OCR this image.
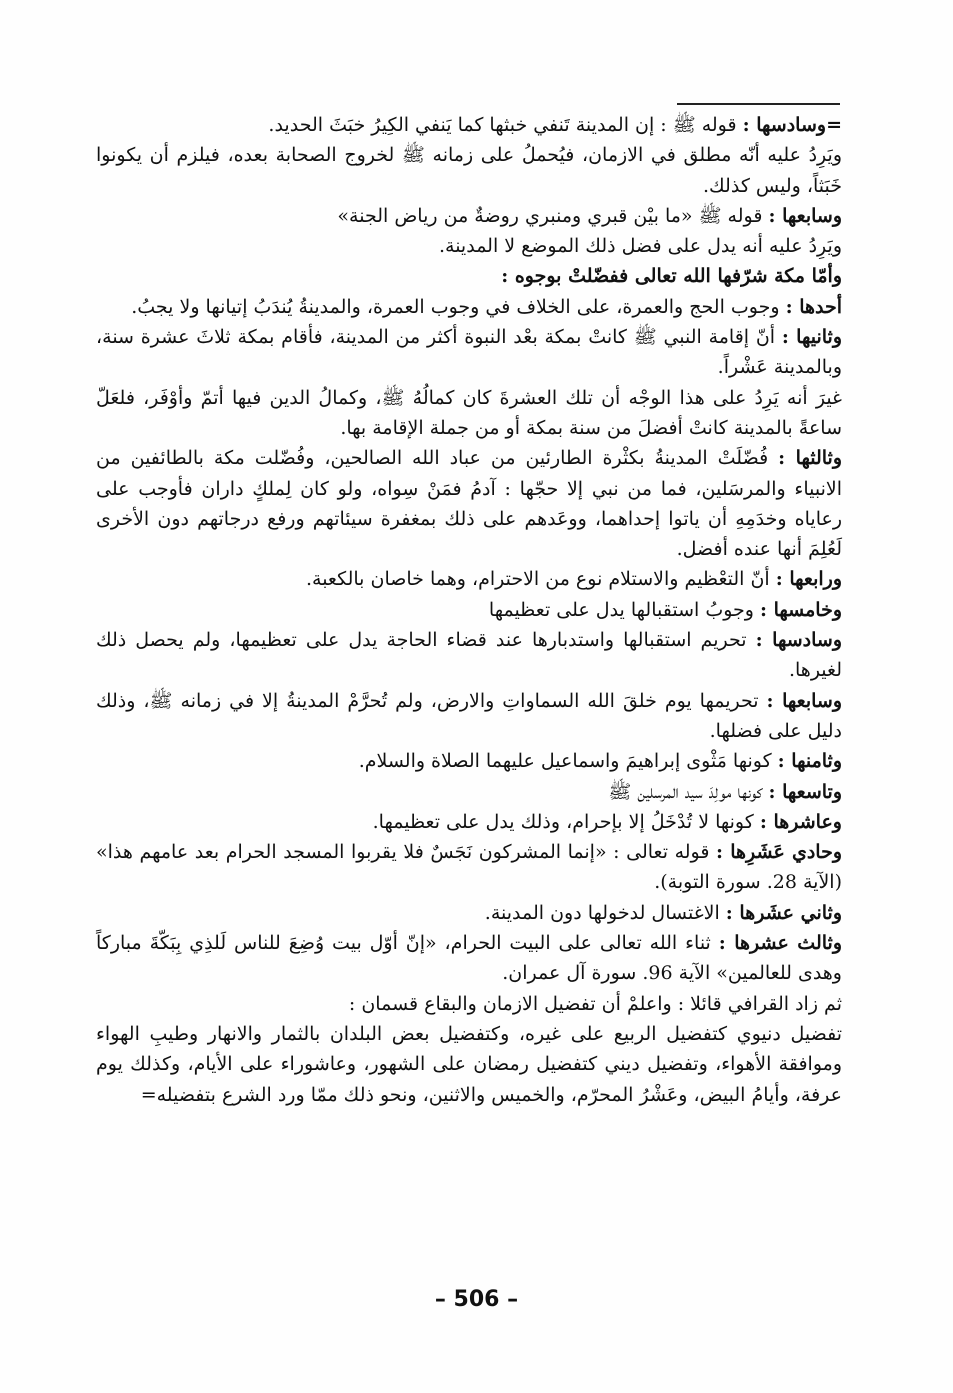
=وسادسها : قوله ﷺ : إن المدينة تَنفي خبثها كما يَنفي الكِيرُ خبَثَ الحديد.

ويَرِدُ عليه أنّه مطلق في الازمان، فيُحملُ على زمانه ﷺ لخروج الصحابة بعده، فيلزم أن يكونوا خَبَثاً، وليس كذلك.

وسابعها : قوله ﷺ «ما بيْن قبري ومنبري روضةٌ من رياض الجنة»

ويَرِدُ عليه أنه يدل على فضل ذلك الموضع لا المدينة.

وأمّا مكة شرّفها الله تعالى ففضّلتْ بوجوه :

أحدها : وجوب الحج والعمرة، على الخلاف في وجوب العمرة، والمدينةُ يُندَبُ إتيانها ولا يجبُ.

وثانيها : أنّ إقامة النبي ﷺ كانتْ بمكة بعْد النبوة أكثر من المدينة، فأقام بمكة ثلاثَ عشرة سنة، وبالمدينة عَشْراً.

غيرَ أنه يَرِدُ على هذا الوجْه أن تلك العشرةَ كان كمالُهُ ﷺ، وكمالُ الدين فيها أتمّ وأوْفَر، فلعَلّ ساعةً بالمدينة كانتْ أفضلَ من سنة بمكة أو من جملة الإقامة بها.

وثالثها : فُضّلَتْ المدينةُ بكثْرة الطارئين من عباد الله الصالحين، وفُضّلت مكة بالطائفين من الانبياء والمرسَلين، فما من نبي إلا حجّها : آدمُ فمَنْ سِواه، ولو كان لِملكٍ داران فأوجب على رعاياه وخدَمِهِ أن ياتوا إحداهما، ووعَدهم على ذلك بمغفرة سيئاتهم ورفع درجاتهم دون الأخرى لَعُلِمَ أنها عنده أفضل.

ورابعها : أنّ التعْظيم والاستلام نوع من الاحترام، وهما خاصان بالكعبة.

وخامسها : وجوبُ استقبالها يدل على تعظيمها

وسادسها : تحريم استقبالها واستدبارها عند قضاء الحاجة يدل على تعظيمها، ولم يحصل ذلك لغيرها.

وسابعها : تحريمها يوم خلقَ الله السماواتِ والارض، ولم تُحرَّمْ المدينةُ إلا في زمانه ﷺ، وذلك دليل على فضلها.

وثامنها : كونها مَثْوى إبراهيمَ واسماعيل عليهما الصلاة والسلام.

وتاسعها : كونها مولِدَ سيد المرسلين ﷺ

وعاشرها : كونها لا تُدْخَلُ إلا بإحرام، وذلك يدل على تعظيمها.

وحادي عَشَرِها : قوله تعالى : «إنما المشركون نَجَسٌ فلا يقربوا المسجد الحرام بعد عامهم هذا» (الآية 28. سورة التوبة).

وثاني عشَرها : الاغتسال لدخولها دون المدينة.

وثالث عشرها : ثناء الله تعالى على البيت الحرام، «إنّ أوّل بيت وُضِعَ للناس لَلذِي بِبَكّةَ مباركاً وهدى للعالمين» الآية 96. سورة آل عمران.

ثم زاد القرافي قائلا : واعلمْ أن تفضيل الازمان والبقاع قسمان :

تفضيل دنيوي كتفضيل الربيع على غيره، وكتفضيل بعض البلدان بالثمار والانهار وطيبِ الهواء وموافقة الأهواء، وتفضيل ديني كتفضيل رمضان على الشهور، وعاشوراء على الأيام، وكذلك يوم عرفة، وأيامُ البيض، وعَشْرُ المحرّم، والخميس والاثنين، ونحو ذلك ممّا ورد الشرع بتفضيله=

– 506 –
